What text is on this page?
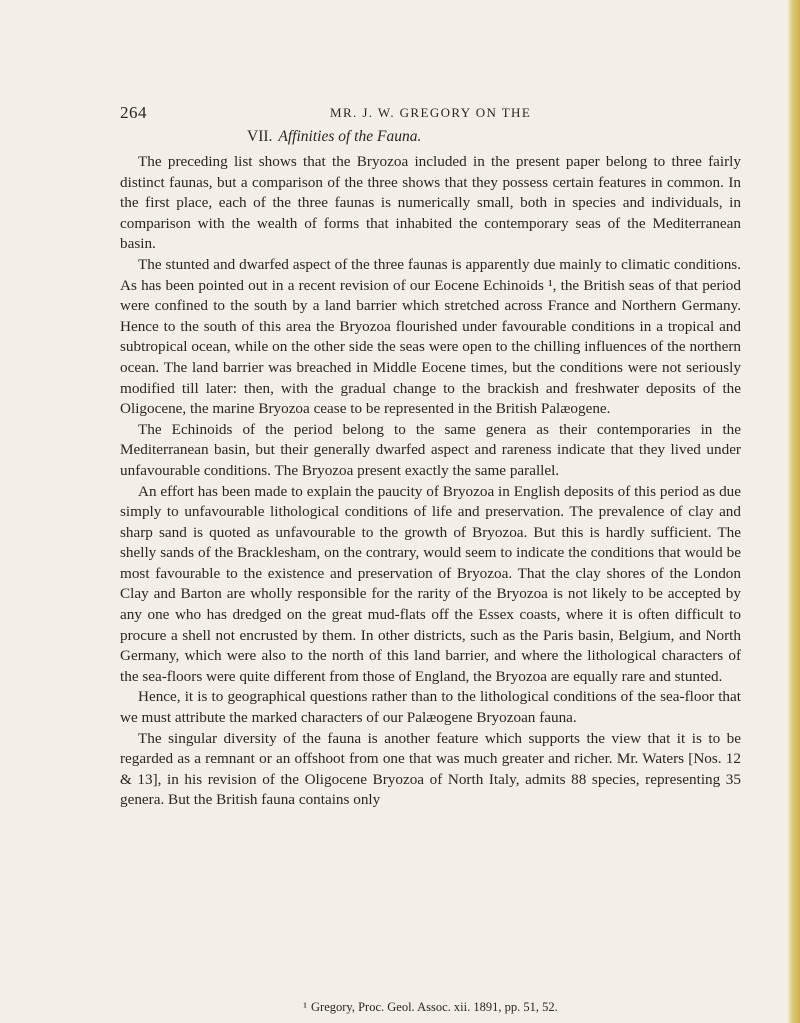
264	MR. J. W. GREGORY ON THE
VII. Affinities of the Fauna.

The preceding list shows that the Bryozoa included in the present paper belong to three fairly distinct faunas, but a comparison of the three shows that they possess certain features in common. In the first place, each of the three faunas is numerically small, both in species and individuals, in comparison with the wealth of forms that inhabited the contemporary seas of the Mediterranean basin.

The stunted and dwarfed aspect of the three faunas is apparently due mainly to climatic conditions. As has been pointed out in a recent revision of our Eocene Echinoids ¹, the British seas of that period were confined to the south by a land barrier which stretched across France and Northern Germany. Hence to the south of this area the Bryozoa flourished under favourable conditions in a tropical and subtropical ocean, while on the other side the seas were open to the chilling influences of the northern ocean. The land barrier was breached in Middle Eocene times, but the conditions were not seriously modified till later: then, with the gradual change to the brackish and freshwater deposits of the Oligocene, the marine Bryozoa cease to be represented in the British Palæogene.

The Echinoids of the period belong to the same genera as their contemporaries in the Mediterranean basin, but their generally dwarfed aspect and rareness indicate that they lived under unfavourable conditions. The Bryozoa present exactly the same parallel.

An effort has been made to explain the paucity of Bryozoa in English deposits of this period as due simply to unfavourable lithological conditions of life and preservation. The prevalence of clay and sharp sand is quoted as unfavourable to the growth of Bryozoa. But this is hardly sufficient. The shelly sands of the Bracklesham, on the contrary, would seem to indicate the conditions that would be most favourable to the existence and preservation of Bryozoa. That the clay shores of the London Clay and Barton are wholly responsible for the rarity of the Bryozoa is not likely to be accepted by any one who has dredged on the great mud-flats off the Essex coasts, where it is often difficult to procure a shell not encrusted by them. In other districts, such as the Paris basin, Belgium, and North Germany, which were also to the north of this land barrier, and where the lithological characters of the sea-floors were quite different from those of England, the Bryozoa are equally rare and stunted.

Hence, it is to geographical questions rather than to the lithological conditions of the sea-floor that we must attribute the marked characters of our Palæogene Bryozoan fauna.

The singular diversity of the fauna is another feature which supports the view that it is to be regarded as a remnant or an offshoot from one that was much greater and richer. Mr. Waters [Nos. 12 & 13], in his revision of the Oligocene Bryozoa of North Italy, admits 88 species, representing 35 genera. But the British fauna contains only

¹ Gregory, Proc. Geol. Assoc. xii. 1891, pp. 51, 52.
